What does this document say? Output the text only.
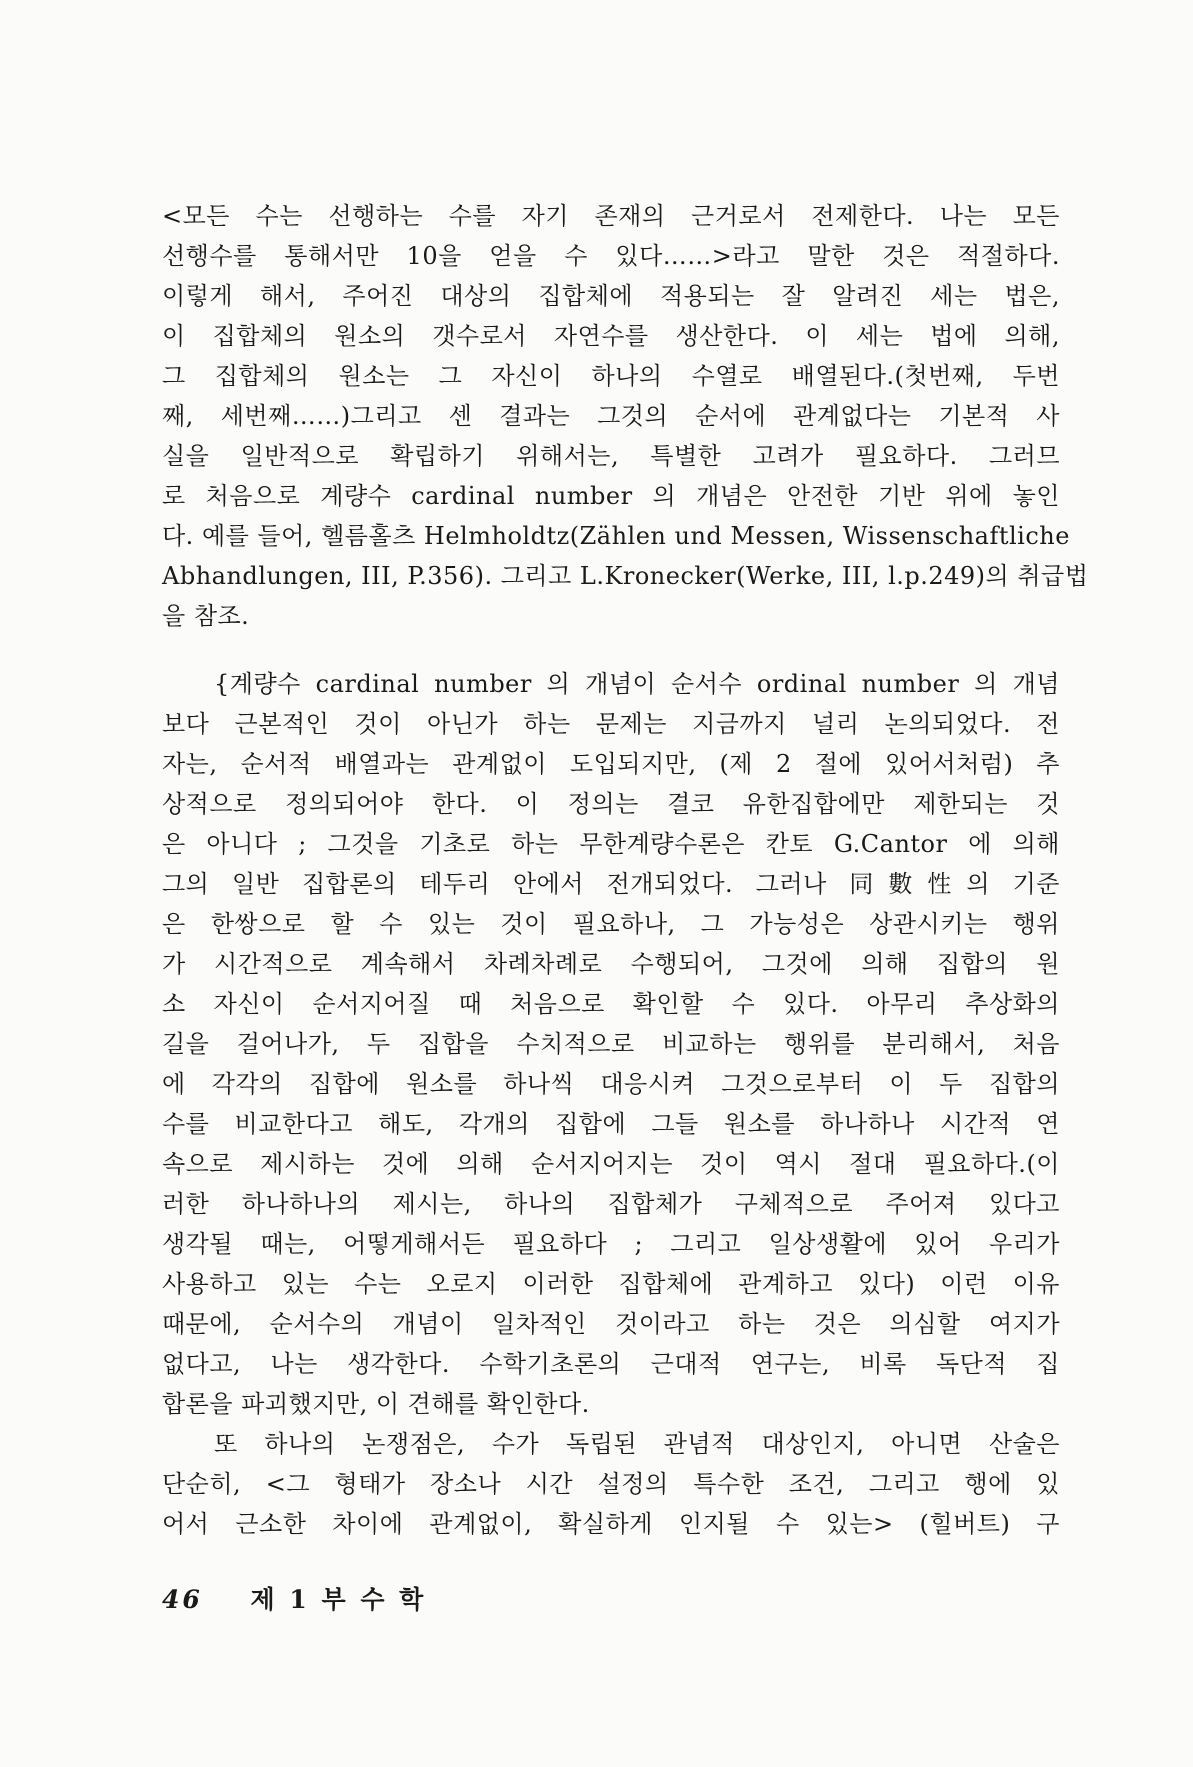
<모든 수는 선행하는 수를 자기 존재의 근거로서 전제한다. 나는 모든
선행수를 통해서만 10을 얻을 수 있다……>라고 말한 것은 적절하다.
이렇게 해서, 주어진 대상의 집합체에 적용되는 잘 알려진 세는 법은,
이 집합체의 원소의 갯수로서 자연수를 생산한다. 이 세는 법에 의해,
그 집합체의 원소는 그 자신이 하나의 수열로 배열된다.(첫번째, 두번
째, 세번째……)그리고 센 결과는 그것의 순서에 관계없다는 기본적 사
실을 일반적으로 확립하기 위해서는, 특별한 고려가 필요하다. 그러므
로 처음으로 계량수 cardinal number 의 개념은 안전한 기반 위에 놓인
다. 예를 들어, 헬름홀츠 Helmholdtz(Zählen und Messen, Wissenschaftliche
Abhandlungen, III, P.356). 그리고 L.Kronecker(Werke, III, l.p.249)의 취급법
을 참조.
{계량수 cardinal number 의 개념이 순서수 ordinal number 의 개념
보다 근본적인 것이 아닌가 하는 문제는 지금까지 널리 논의되었다. 전
자는, 순서적 배열과는 관계없이 도입되지만, (제 2 절에 있어서처럼) 추
상적으로 정의되어야 한다. 이 정의는 결코 유한집합에만 제한되는 것
은 아니다 ; 그것을 기초로 하는 무한계량수론은 칸토 G.Cantor 에 의해
그의 일반 집합론의 테두리 안에서 전개되었다. 그러나 同數性의 기준
은 한쌍으로 할 수 있는 것이 필요하나, 그 가능성은 상관시키는 행위
가 시간적으로 계속해서 차례차례로 수행되어, 그것에 의해 집합의 원
소 자신이 순서지어질 때 처음으로 확인할 수 있다. 아무리 추상화의
길을 걸어나가, 두 집합을 수치적으로 비교하는 행위를 분리해서, 처음
에 각각의 집합에 원소를 하나씩 대응시켜 그것으로부터 이 두 집합의
수를 비교한다고 해도, 각개의 집합에 그들 원소를 하나하나 시간적 연
속으로 제시하는 것에 의해 순서지어지는 것이 역시 절대 필요하다.(이
러한 하나하나의 제시는, 하나의 집합체가 구체적으로 주어져 있다고
생각될 때는, 어떻게해서든 필요하다 ; 그리고 일상생활에 있어 우리가
사용하고 있는 수는 오로지 이러한 집합체에 관계하고 있다) 이런 이유
때문에, 순서수의 개념이 일차적인 것이라고 하는 것은 의심할 여지가
없다고, 나는 생각한다. 수학기초론의 근대적 연구는, 비록 독단적 집
합론을 파괴했지만, 이 견해를 확인한다.
또 하나의 논쟁점은, 수가 독립된 관념적 대상인지, 아니면 산술은
단순히, <그 형태가 장소나 시간 설정의 특수한 조건, 그리고 행에 있
어서 근소한 차이에 관계없이, 확실하게 인지될 수 있는> (힐버트) 구
46 제 1 부 수 학
